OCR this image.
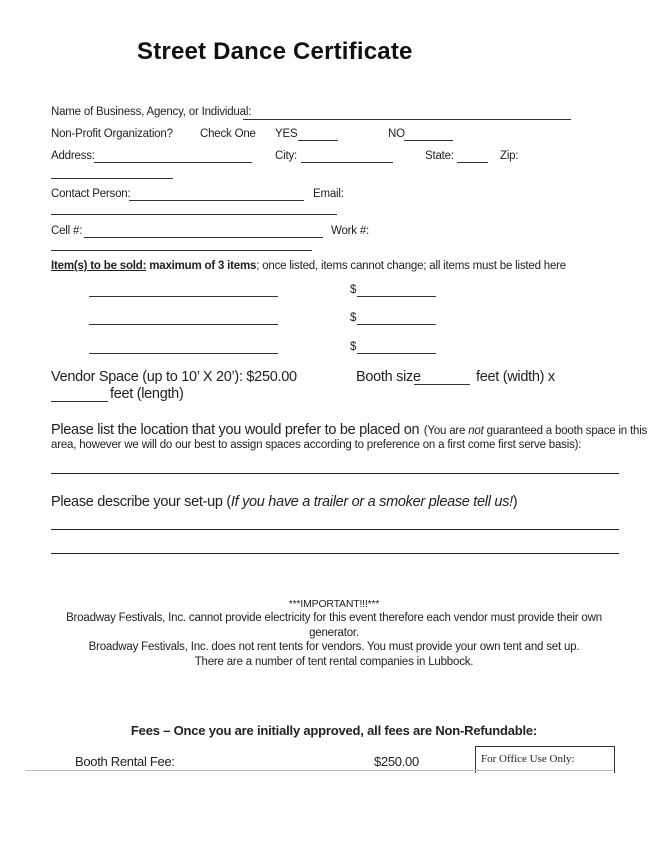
Street Dance Certificate
Name of Business, Agency, or Individual:
Non-Profit Organization? Check One YES	NO
Address:	City:	State:	Zip:
Contact Person:	Email:
Cell #:	Work #:
Item(s) to be sold: maximum of 3 items; once listed, items cannot change; all items must be listed here
$
$
$
Vendor Space (up to 10’ X 20’): $250.00	Booth size	feet (width) x
feet (length)
Please list the location that you would prefer to be placed on (You are not guaranteed a booth space in this
area, however we will do our best to assign spaces according to preference on a first come first serve basis):
Please describe your set-up (If you have a trailer or a smoker please tell us!)
***IMPORTANT!!!***
Broadway Festivals, Inc. cannot provide electricity for this event therefore each vendor must provide their own
generator.
Broadway Festivals, Inc. does not rent tents for vendors. You must provide your own tent and set up.
There are a number of tent rental companies in Lubbock.
Fees – Once you are initially approved, all fees are Non-Refundable:
Booth Rental Fee:	$250.00	For Office Use Only:
